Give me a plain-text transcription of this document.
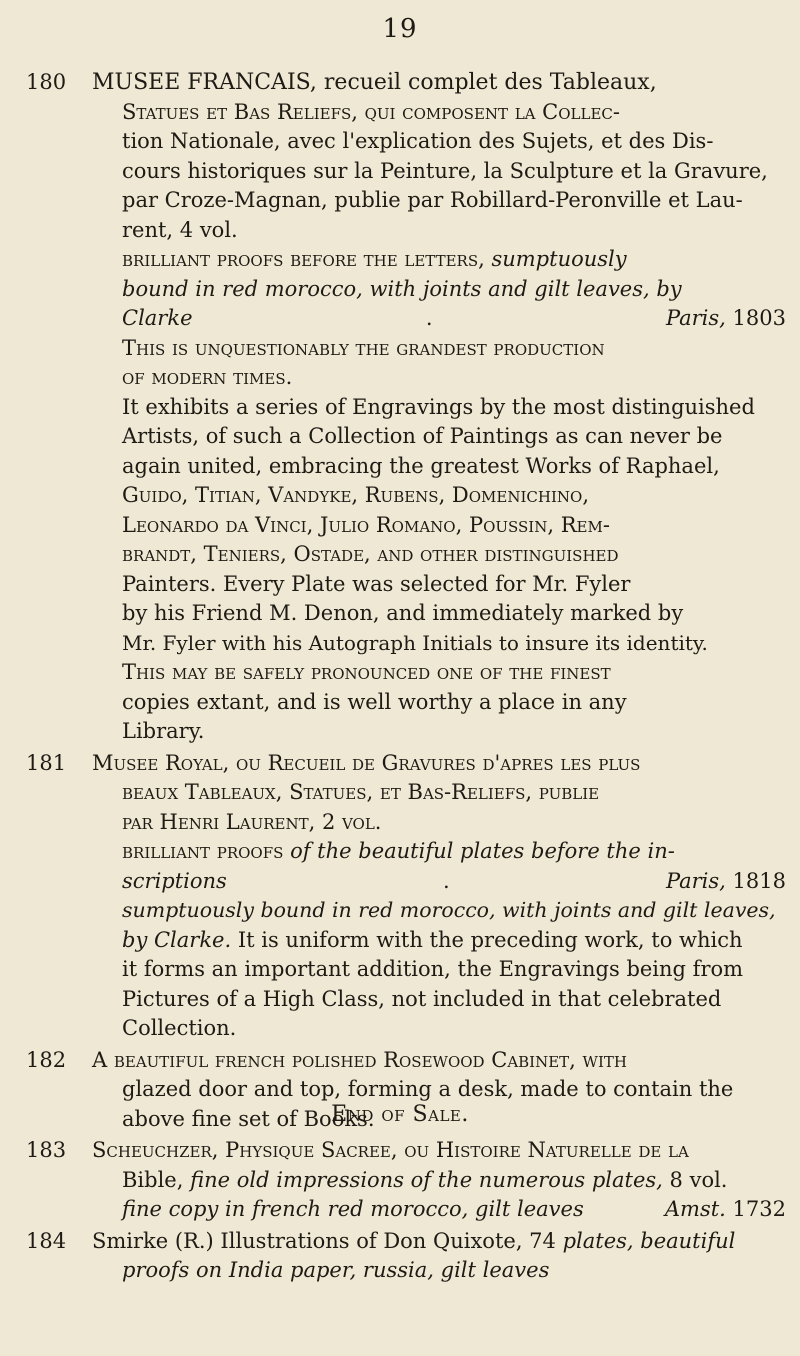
19
180	MUSEE FRANCAIS, recueil complet des Tableaux,
Statues et Bas Reliefs, qui composent la Collec-
tion Nationale, avec l'explication des Sujets, et des Dis-
cours historiques sur la Peinture, la Sculpture et la Gravure,
par Croze-Magnan, publie par Robillard-Peronville et Lau-
rent, 4 vol.
brilliant proofs before the letters, sumptuously
bound in red morocco, with joints and gilt leaves, by
Clarke	.	Paris, 1803
This is unquestionably the grandest production
of modern times.
It exhibits a series of Engravings by the most distinguished
Artists, of such a Collection of Paintings as can never be
again united, embracing the greatest Works of Raphael,
Guido, Titian, Vandyke, Rubens, Domenichino,
Leonardo da Vinci, Julio Romano, Poussin, Rem-
brandt, Teniers, Ostade, and other distinguished
Painters. Every Plate was selected for Mr. Fyler
by his Friend M. Denon, and immediately marked by
Mr. Fyler with his Autograph Initials to insure its identity.
This may be safely pronounced one of the finest
copies extant, and is well worthy a place in any
Library.
181	Musee Royal, ou Recueil de Gravures d'apres les plus
beaux Tableaux, Statues, et Bas-Reliefs, publie
par Henri Laurent, 2 vol.
brilliant proofs of the beautiful plates before the in-
scriptions	.	Paris, 1818
sumptuously bound in red morocco, with joints and gilt leaves,
by Clarke. It is uniform with the preceding work, to which
it forms an important addition, the Engravings being from
Pictures of a High Class, not included in that celebrated
Collection.
182	A beautiful french polished Rosewood Cabinet, with
glazed door and top, forming a desk, made to contain the
above fine set of Books.
183	Scheuchzer, Physique Sacree, ou Histoire Naturelle de la
Bible, fine old impressions of the numerous plates, 8 vol.
fine copy in french red morocco, gilt leaves	Amst. 1732
184	Smirke (R.) Illustrations of Don Quixote, 74 plates, beautiful
proofs on India paper, russia, gilt leaves
End of Sale.
